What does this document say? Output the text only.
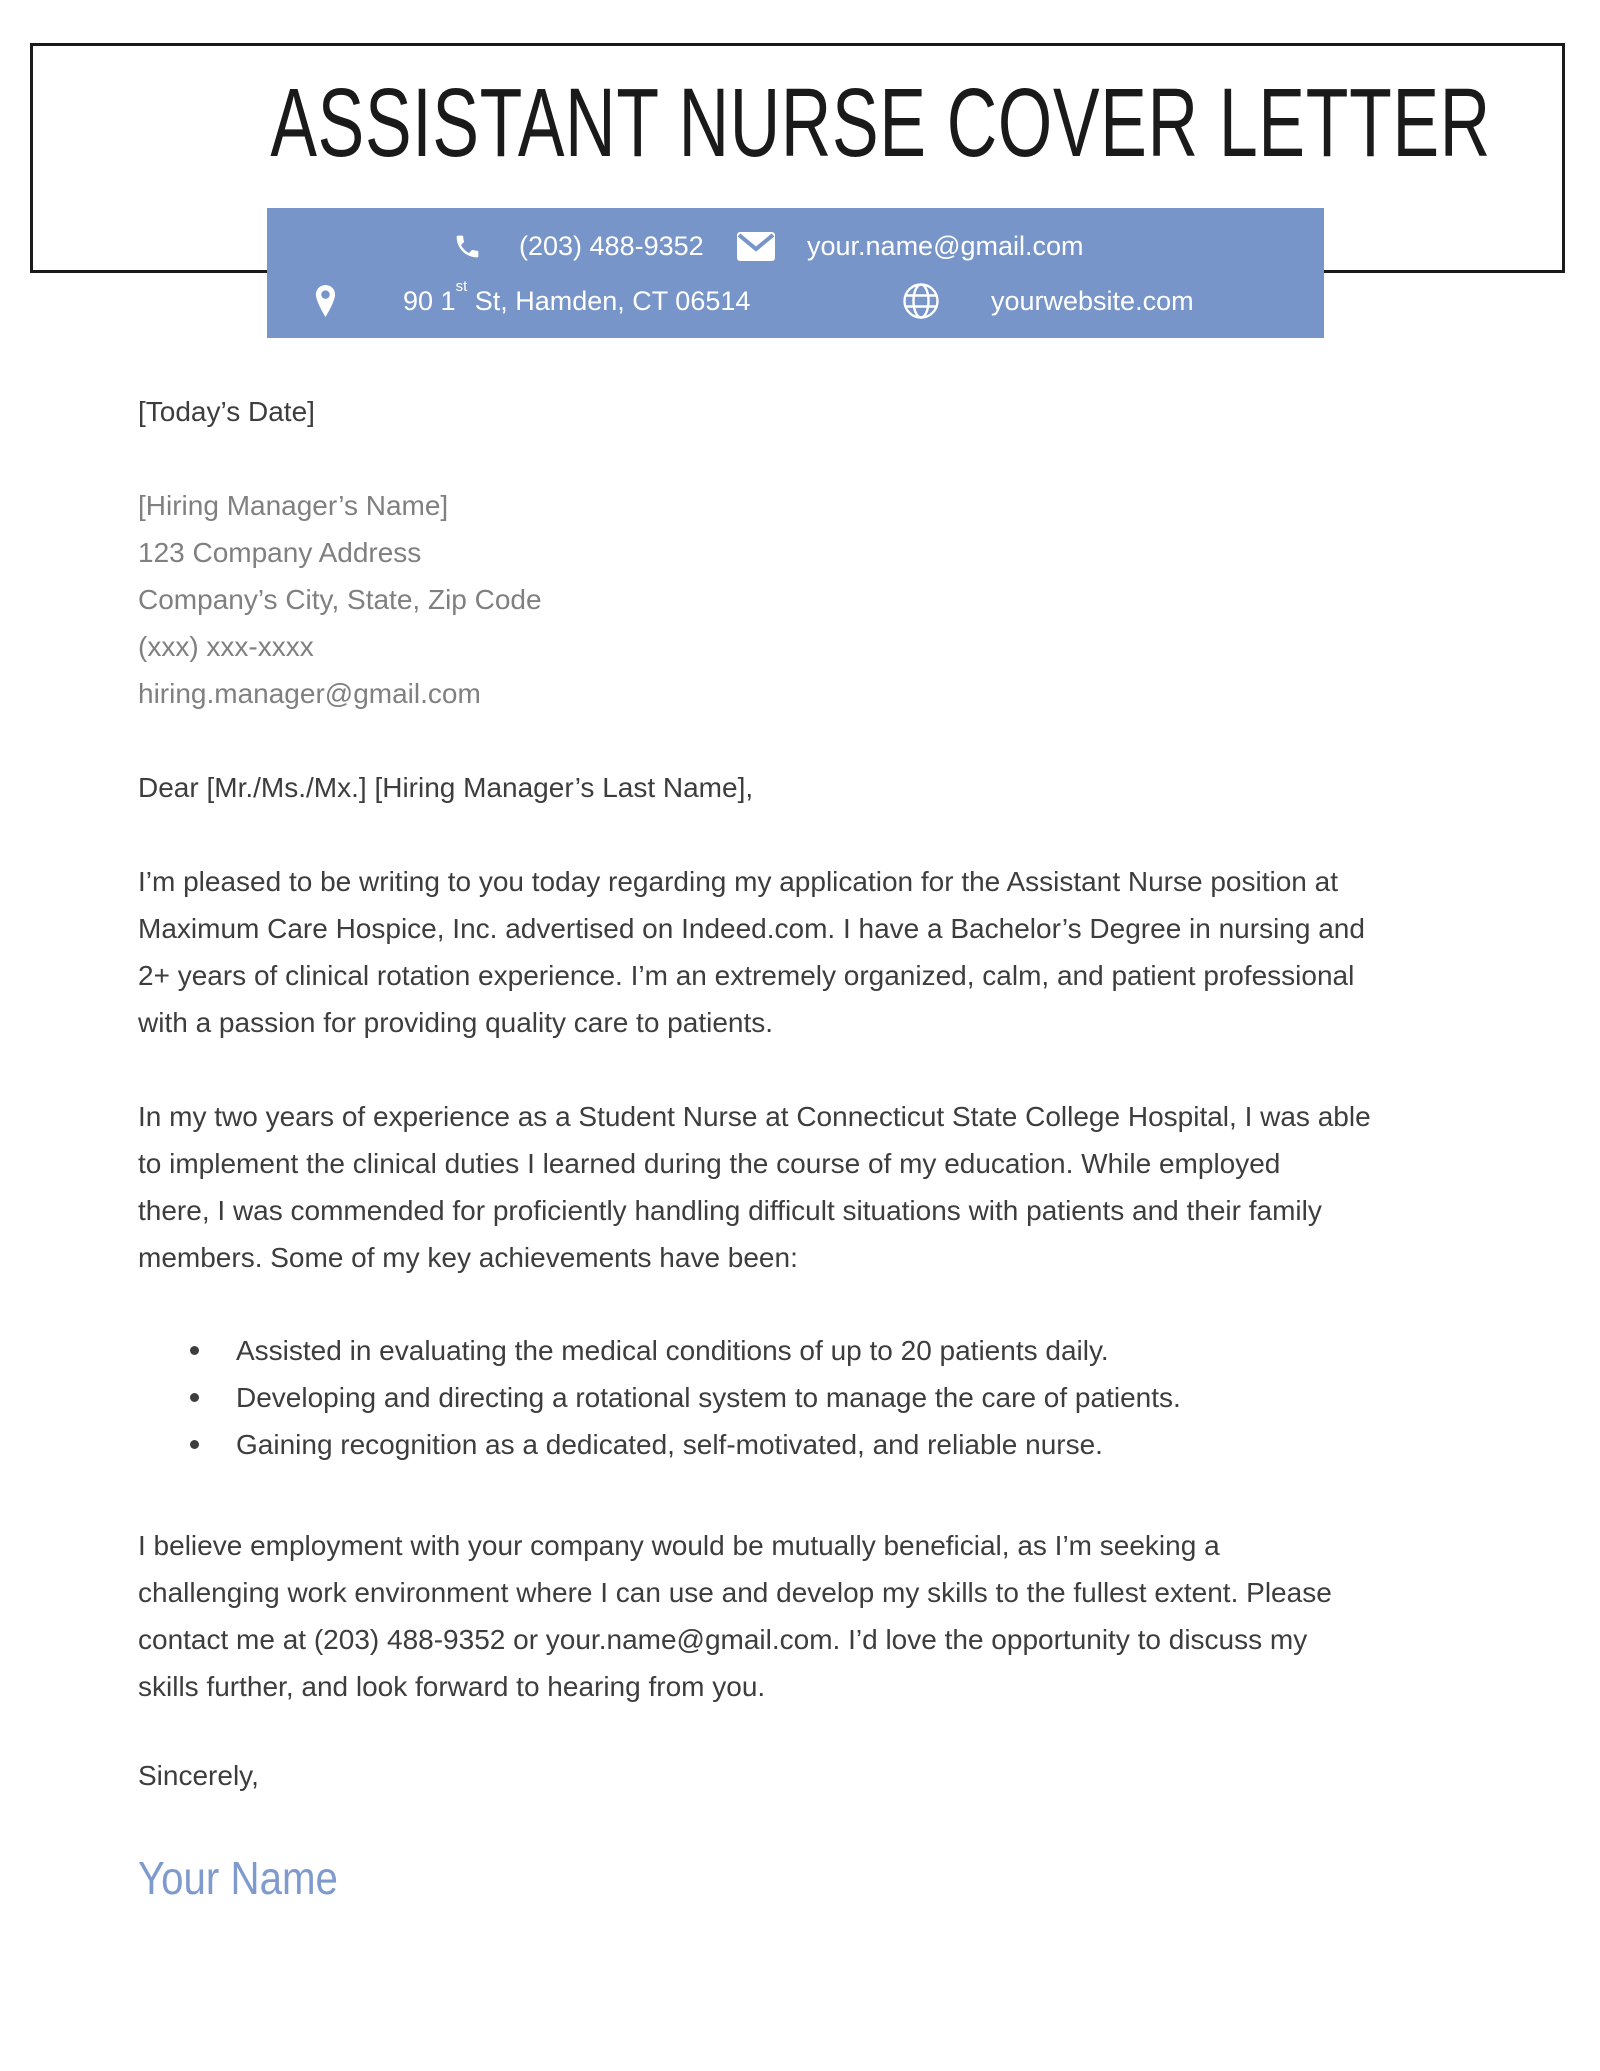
ASSISTANT NURSE COVER LETTER
(203) 488-9352	your.name@gmail.com
90 1st St, Hamden, CT 06514	yourwebsite.com
[Today’s Date]
[Hiring Manager’s Name]
123 Company Address
Company’s City, State, Zip Code
(xxx) xxx-xxxx
hiring.manager@gmail.com
Dear [Mr./Ms./Mx.] [Hiring Manager’s Last Name],
I’m pleased to be writing to you today regarding my application for the Assistant Nurse position at
Maximum Care Hospice, Inc. advertised on Indeed.com. I have a Bachelor’s Degree in nursing and
2+ years of clinical rotation experience. I’m an extremely organized, calm, and patient professional
with a passion for providing quality care to patients.
In my two years of experience as a Student Nurse at Connecticut State College Hospital, I was able
to implement the clinical duties I learned during the course of my education. While employed
there, I was commended for proficiently handling difficult situations with patients and their family
members. Some of my key achievements have been:
Assisted in evaluating the medical conditions of up to 20 patients daily.
Developing and directing a rotational system to manage the care of patients.
Gaining recognition as a dedicated, self-motivated, and reliable nurse.
I believe employment with your company would be mutually beneficial, as I’m seeking a
challenging work environment where I can use and develop my skills to the fullest extent. Please
contact me at (203) 488-9352 or your.name@gmail.com. I’d love the opportunity to discuss my
skills further, and look forward to hearing from you.
Sincerely,
Your Name
